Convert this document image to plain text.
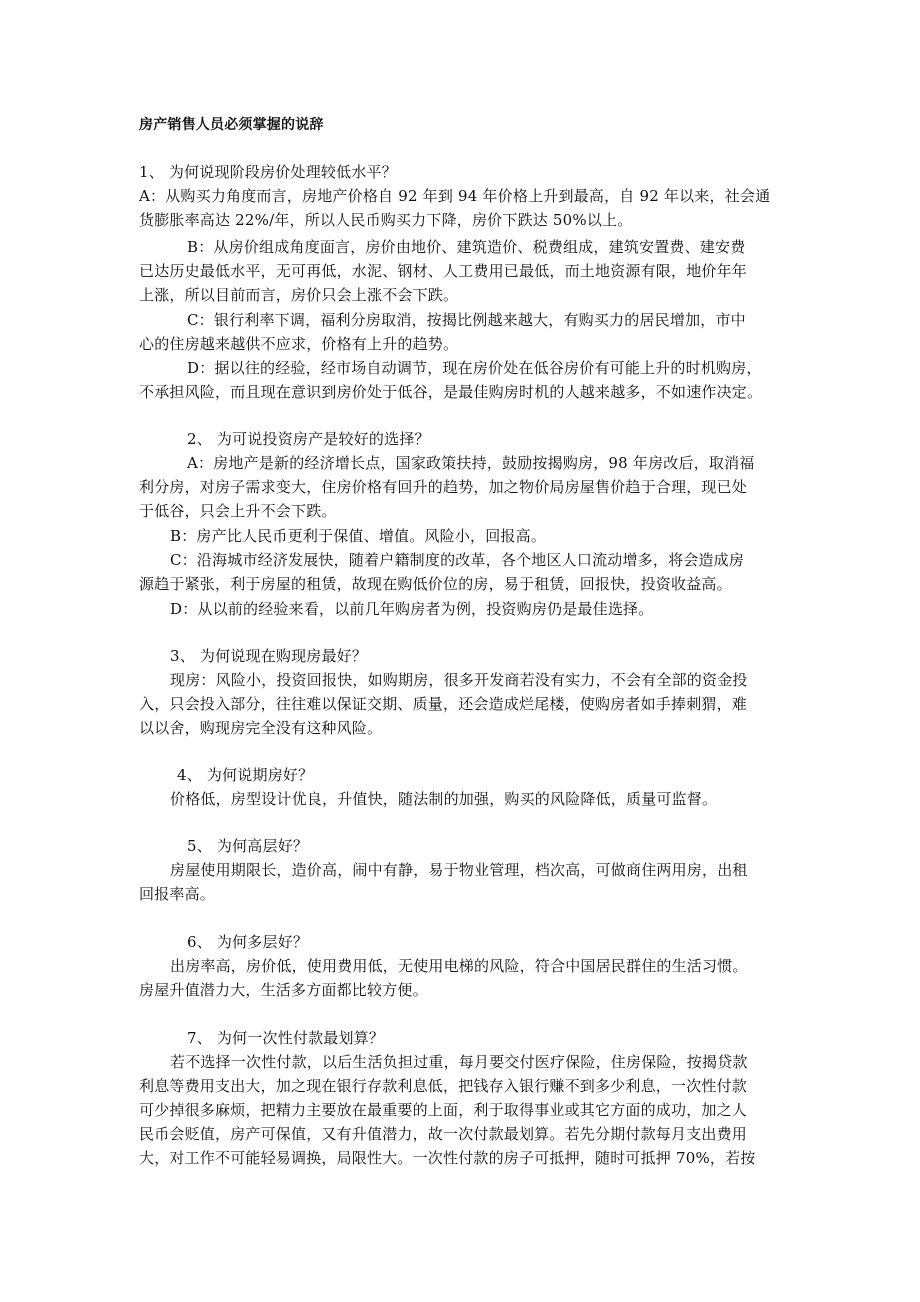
房产销售人员必须掌握的说辞
1、 为何说现阶段房价处理较低水平？
A：从购买力角度而言，房地产价格自 92 年到 94 年价格上升到最高，自 92 年以来，社会通
货膨胀率高达 22%/年，所以人民币购买力下降，房价下跌达 50%以上。
B：从房价组成角度面言，房价由地价、建筑造价、税费组成，建筑安置费、建安费
已达历史最低水平，无可再低，水泥、钢材、人工费用已最低，而土地资源有限，地价年年
上涨，所以目前而言，房价只会上涨不会下跌。
C：银行利率下调，福利分房取消，按揭比例越来越大，有购买力的居民增加，市中
心的住房越来越供不应求，价格有上升的趋势。
D：据以往的经验，经市场自动调节，现在房价处在低谷房价有可能上升的时机购房，
不承担风险，而且现在意识到房价处于低谷，是最佳购房时机的人越来越多，不如速作决定。
2、 为可说投资房产是较好的选择？
A：房地产是新的经济增长点，国家政策扶持，鼓励按揭购房，98 年房改后，取消福
利分房，对房子需求变大，住房价格有回升的趋势，加之物价局房屋售价趋于合理，现已处
于低谷，只会上升不会下跌。
B：房产比人民币更利于保值、增值。风险小，回报高。
C：沿海城市经济发展快，随着户籍制度的改革，各个地区人口流动增多，将会造成房
源趋于紧张，利于房屋的租赁，故现在购低价位的房，易于租赁，回报快，投资收益高。
D：从以前的经验来看，以前几年购房者为例，投资购房仍是最佳选择。
3、 为何说现在购现房最好？
现房：风险小，投资回报快，如购期房，很多开发商若没有实力，不会有全部的资金投
入，只会投入部分，往往难以保证交期、质量，还会造成烂尾楼，使购房者如手捧刺猬，难
以以舍，购现房完全没有这种风险。
4、 为何说期房好？
价格低，房型设计优良，升值快，随法制的加强，购买的风险降低，质量可监督。
5、 为何高层好？
房屋使用期限长，造价高，闹中有静，易于物业管理，档次高，可做商住两用房，出租
回报率高。
6、 为何多层好？
出房率高，房价低，使用费用低，无使用电梯的风险，符合中国居民群住的生活习惯。
房屋升值潜力大，生活多方面都比较方便。
7、 为何一次性付款最划算？
若不选择一次性付款，以后生活负担过重，每月要交付医疗保险，住房保险，按揭贷款
利息等费用支出大，加之现在银行存款利息低，把钱存入银行赚不到多少利息，一次性付款
可少掉很多麻烦，把精力主要放在最重要的上面，利于取得事业或其它方面的成功，加之人
民币会贬值，房产可保值，又有升值潜力，故一次付款最划算。若先分期付款每月支出费用
大，对工作不可能轻易调换，局限性大。一次性付款的房子可抵押，随时可抵押 70%，若按
